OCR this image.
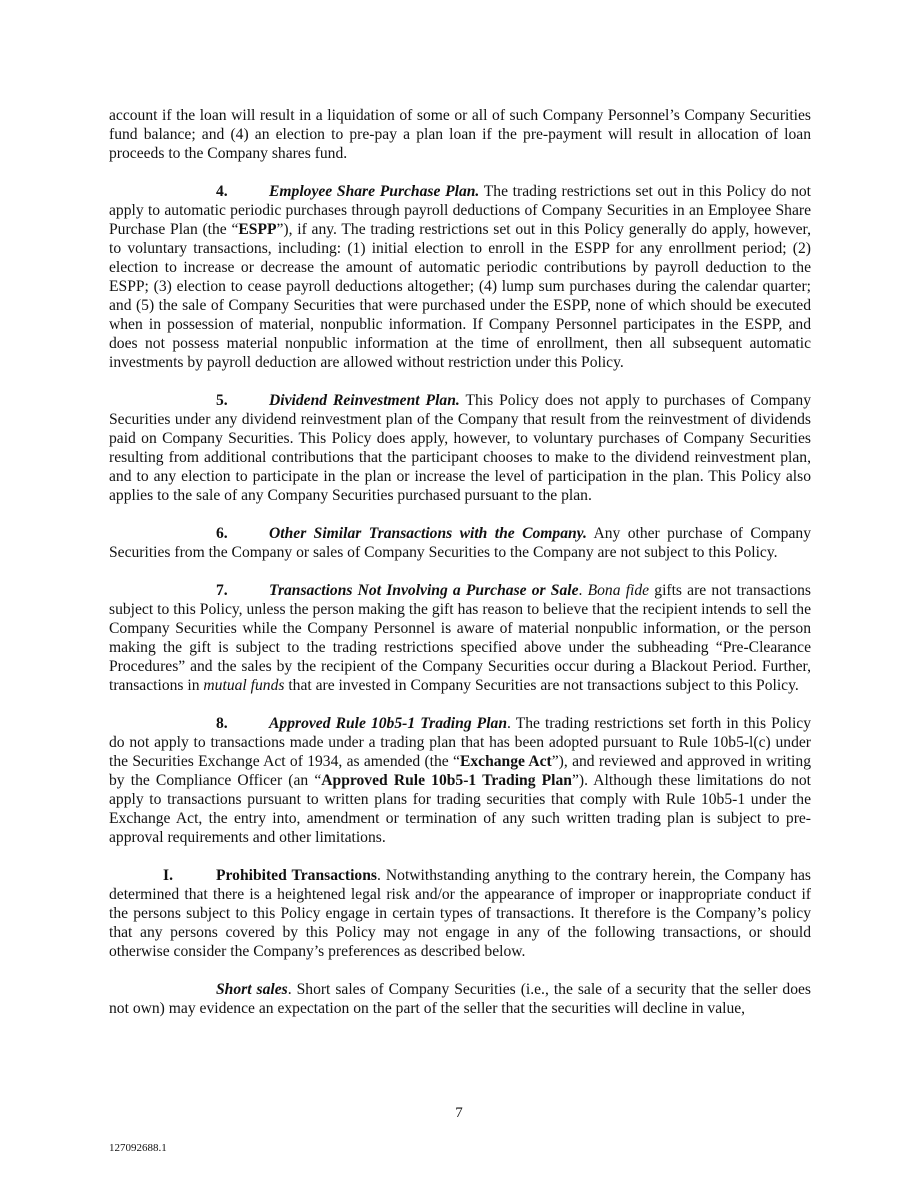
account if the loan will result in a liquidation of some or all of such Company Personnel’s Company Securities fund balance; and (4) an election to pre-pay a plan loan if the pre-payment will result in allocation of loan proceeds to the Company shares fund.

4.	Employee Share Purchase Plan. The trading restrictions set out in this Policy do not apply to automatic periodic purchases through payroll deductions of Company Securities in an Employee Share Purchase Plan (the “ESPP”), if any. The trading restrictions set out in this Policy generally do apply, however, to voluntary transactions, including: (1) initial election to enroll in the ESPP for any enrollment period; (2) election to increase or decrease the amount of automatic periodic contributions by payroll deduction to the ESPP; (3) election to cease payroll deductions altogether; (4) lump sum purchases during the calendar quarter; and (5) the sale of Company Securities that were purchased under the ESPP, none of which should be executed when in possession of material, nonpublic information. If Company Personnel participates in the ESPP, and does not possess material nonpublic information at the time of enrollment, then all subsequent automatic investments by payroll deduction are allowed without restriction under this Policy.

5.	Dividend Reinvestment Plan. This Policy does not apply to purchases of Company Securities under any dividend reinvestment plan of the Company that result from the reinvestment of dividends paid on Company Securities. This Policy does apply, however, to voluntary purchases of Company Securities resulting from additional contributions that the participant chooses to make to the dividend reinvestment plan, and to any election to participate in the plan or increase the level of participation in the plan. This Policy also applies to the sale of any Company Securities purchased pursuant to the plan.

6.	Other Similar Transactions with the Company. Any other purchase of Company Securities from the Company or sales of Company Securities to the Company are not subject to this Policy.

7.	Transactions Not Involving a Purchase or Sale. Bona fide gifts are not transactions subject to this Policy, unless the person making the gift has reason to believe that the recipient intends to sell the Company Securities while the Company Personnel is aware of material nonpublic information, or the person making the gift is subject to the trading restrictions specified above under the subheading “Pre-Clearance Procedures” and the sales by the recipient of the Company Securities occur during a Blackout Period. Further, transactions in mutual funds that are invested in Company Securities are not transactions subject to this Policy.

8.	Approved Rule 10b5-1 Trading Plan. The trading restrictions set forth in this Policy do not apply to transactions made under a trading plan that has been adopted pursuant to Rule 10b5-l(c) under the Securities Exchange Act of 1934, as amended (the “Exchange Act”), and reviewed and approved in writing by the Compliance Officer (an “Approved Rule 10b5-1 Trading Plan”). Although these limitations do not apply to transactions pursuant to written plans for trading securities that comply with Rule 10b5-1 under the Exchange Act, the entry into, amendment or termination of any such written trading plan is subject to pre-approval requirements and other limitations.

I.	Prohibited Transactions. Notwithstanding anything to the contrary herein, the Company has determined that there is a heightened legal risk and/or the appearance of improper or inappropriate conduct if the persons subject to this Policy engage in certain types of transactions. It therefore is the Company’s policy that any persons covered by this Policy may not engage in any of the following transactions, or should otherwise consider the Company’s preferences as described below.

Short sales. Short sales of Company Securities (i.e., the sale of a security that the seller does not own) may evidence an expectation on the part of the seller that the securities will decline in value,

7
127092688.1
